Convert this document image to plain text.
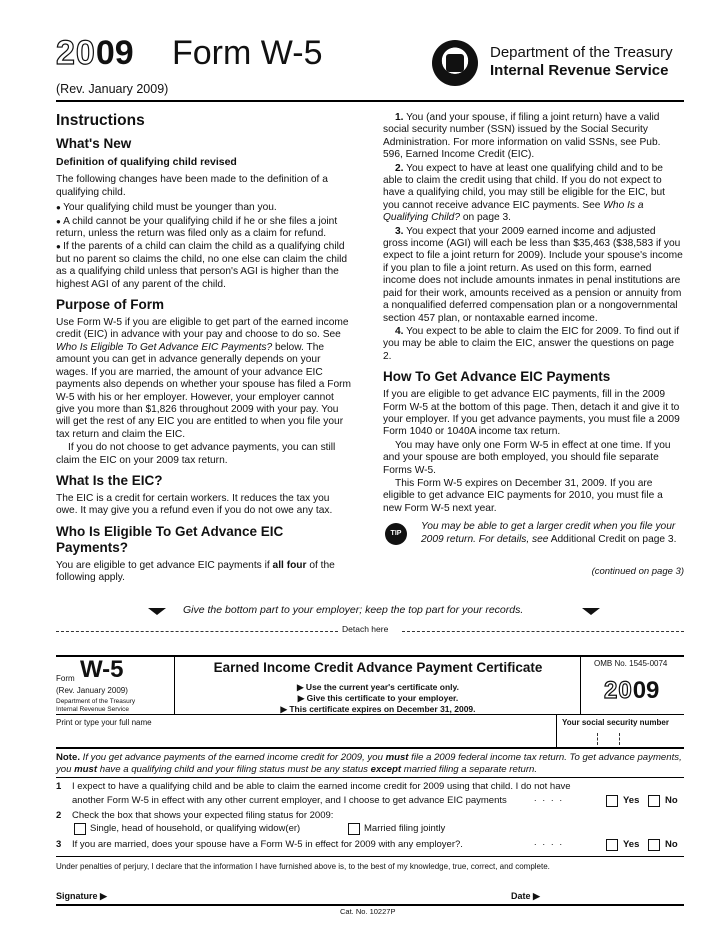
2009 Form W-5
(Rev. January 2009)
Department of the Treasury
Internal Revenue Service
Instructions
What's New
Definition of qualifying child revised

The following changes have been made to the definition of a qualifying child.

● Your qualifying child must be younger than you.

● A child cannot be your qualifying child if he or she files a joint return, unless the return was filed only as a claim for refund.

● If the parents of a child can claim the child as a qualifying child but no parent so claims the child, no one else can claim the child as a qualifying child unless that person's AGI is higher than the highest AGI of any parent of the child.

Purpose of Form

Use Form W-5 if you are eligible to get part of the earned income credit (EIC) in advance with your pay and choose to do so. See Who Is Eligible To Get Advance EIC Payments? below. The amount you can get in advance generally depends on your wages. If you are married, the amount of your advance EIC payments also depends on whether your spouse has filed a Form W-5 with his or her employer. However, your employer cannot give you more than $1,826 throughout 2009 with your pay. You will get the rest of any EIC you are entitled to when you file your tax return and claim the EIC.

If you do not choose to get advance payments, you can still claim the EIC on your 2009 tax return.

What Is the EIC?

The EIC is a credit for certain workers. It reduces the tax you owe. It may give you a refund even if you do not owe any tax.

Who Is Eligible To Get Advance EIC Payments?

You are eligible to get advance EIC payments if all four of the following apply.

1. You (and your spouse, if filing a joint return) have a valid social security number (SSN) issued by the Social Security Administration. For more information on valid SSNs, see Pub. 596, Earned Income Credit (EIC).

2. You expect to have at least one qualifying child and to be able to claim the credit using that child. If you do not expect to have a qualifying child, you may still be eligible for the EIC, but you cannot receive advance EIC payments. See Who Is a Qualifying Child? on page 3.

3. You expect that your 2009 earned income and adjusted gross income (AGI) will each be less than $35,463 ($38,583 if you expect to file a joint return for 2009). Include your spouse's income if you plan to file a joint return. As used on this form, earned income does not include amounts inmates in penal institutions are paid for their work, amounts received as a pension or annuity from a nonqualified deferred compensation plan or a nongovernmental section 457 plan, or nontaxable earned income.

4. You expect to be able to claim the EIC for 2009. To find out if you may be able to claim the EIC, answer the questions on page 2.

How To Get Advance EIC Payments

If you are eligible to get advance EIC payments, fill in the 2009 Form W-5 at the bottom of this page. Then, detach it and give it to your employer. If you get advance payments, you must file a 2009 Form 1040 or 1040A income tax return.

You may have only one Form W-5 in effect at one time. If you and your spouse are both employed, you should file separate Forms W-5.

This Form W-5 expires on December 31, 2009. If you are eligible to get advance EIC payments for 2010, you must file a new Form W-5 next year.

TIP
You may be able to get a larger credit when you file your 2009 return. For details, see Additional Credit on page 3.
(continued on page 3)
Give the bottom part to your employer; keep the top part for your records.
Detach here
Form W-5
(Rev. January 2009)
Department of the Treasury
Internal Revenue Service
Earned Income Credit Advance Payment Certificate
▶ Use the current year's certificate only.
▶ Give this certificate to your employer.
▶ This certificate expires on December 31, 2009.
OMB No. 1545-0074
2009
Print or type your full name	Your social security number
Note. If you get advance payments of the earned income credit for 2009, you must file a 2009 federal income tax return. To get advance payments, you must have a qualifying child and your filing status must be any status except married filing a separate return.
1 I expect to have a qualifying child and be able to claim the earned income credit for 2009 using that child. I do not have
another Form W-5 in effect with any other current employer, and I choose to get advance EIC payments	....	Yes	No
2 Check the box that shows your expected filing status for 2009:
Single, head of household, or qualifying widow(er)	Married filing jointly
3 If you are married, does your spouse have a Form W-5 in effect for 2009 with any employer?.	....	Yes	No
Under penalties of perjury, I declare that the information I have furnished above is, to the best of my knowledge, true, correct, and complete.
Signature ▶	Date ▶
Cat. No. 10227P
